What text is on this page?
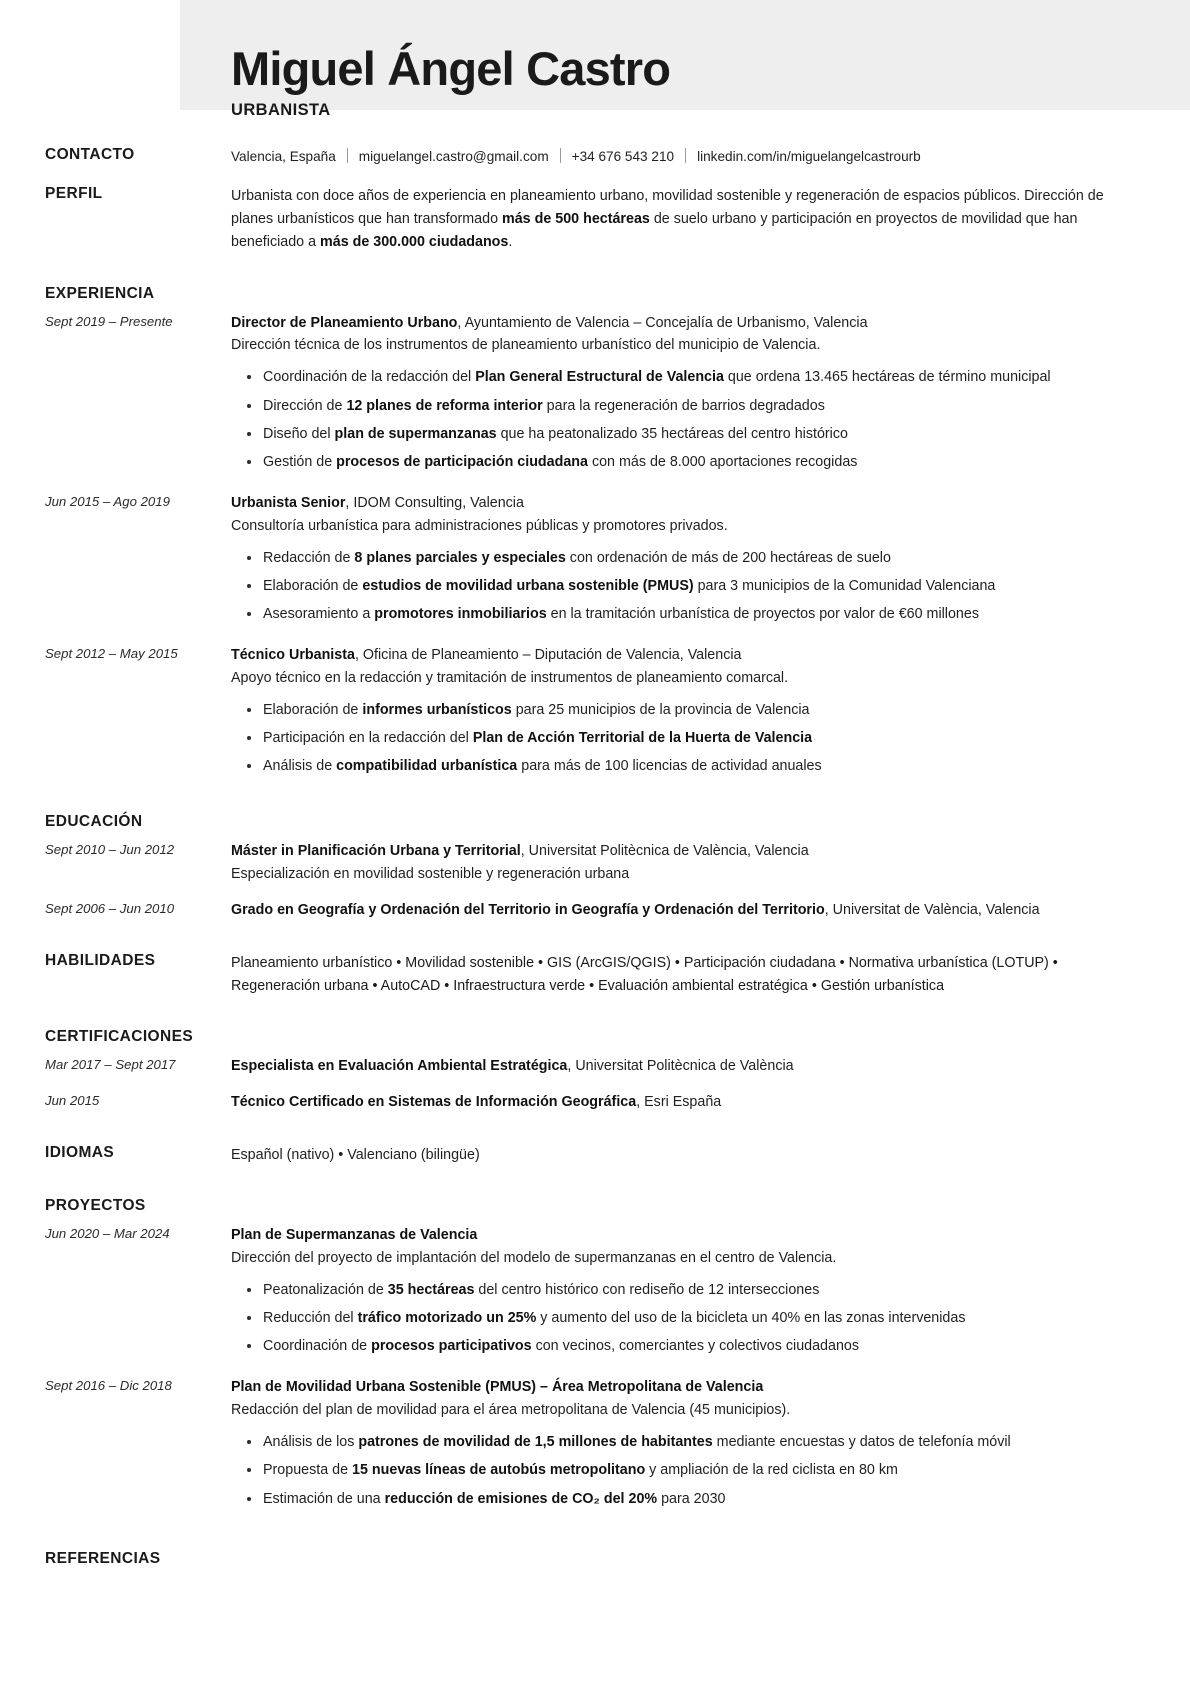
Miguel Ángel Castro
URBANISTA
CONTACTO	Valencia, España miguelangel.castro@gmail.com +34 676 543 210 linkedin.com/in/miguelangelcastrourb
PERFIL	Urbanista con doce años de experiencia en planeamiento urbano, movilidad sostenible y regeneración de espacios públicos. Dirección de planes urbanísticos que han transformado más de 500 hectáreas de suelo urbano y participación en proyectos de movilidad que han beneficiado a más de 300.000 ciudadanos.
EXPERIENCIA
Sept 2019 – Presente	Director de Planeamiento Urbano, Ayuntamiento de Valencia – Concejalía de Urbanismo, Valencia
Dirección técnica de los instrumentos de planeamiento urbanístico del municipio de Valencia.
Coordinación de la redacción del Plan General Estructural de Valencia que ordena 13.465 hectáreas de término municipal
Dirección de 12 planes de reforma interior para la regeneración de barrios degradados
Diseño del plan de supermanzanas que ha peatonalizado 35 hectáreas del centro histórico
Gestión de procesos de participación ciudadana con más de 8.000 aportaciones recogidas
Jun 2015 – Ago 2019	Urbanista Senior, IDOM Consulting, Valencia
Consultoría urbanística para administraciones públicas y promotores privados.
Redacción de 8 planes parciales y especiales con ordenación de más de 200 hectáreas de suelo
Elaboración de estudios de movilidad urbana sostenible (PMUS) para 3 municipios de la Comunidad Valenciana
Asesoramiento a promotores inmobiliarios en la tramitación urbanística de proyectos por valor de €60 millones
Sept 2012 – May 2015	Técnico Urbanista, Oficina de Planeamiento – Diputación de Valencia, Valencia
Apoyo técnico en la redacción y tramitación de instrumentos de planeamiento comarcal.
Elaboración de informes urbanísticos para 25 municipios de la provincia de Valencia
Participación en la redacción del Plan de Acción Territorial de la Huerta de Valencia
Análisis de compatibilidad urbanística para más de 100 licencias de actividad anuales
EDUCACIÓN
Sept 2010 – Jun 2012	Máster in Planificación Urbana y Territorial, Universitat Politècnica de València, Valencia
Especialización en movilidad sostenible y regeneración urbana
Sept 2006 – Jun 2010	Grado en Geografía y Ordenación del Territorio in Geografía y Ordenación del Territorio, Universitat de València, Valencia
HABILIDADES	Planeamiento urbanístico • Movilidad sostenible • GIS (ArcGIS/QGIS) • Participación ciudadana • Normativa urbanística (LOTUP) • Regeneración urbana • AutoCAD • Infraestructura verde • Evaluación ambiental estratégica • Gestión urbanística
CERTIFICACIONES
Mar 2017 – Sept 2017	Especialista en Evaluación Ambiental Estratégica, Universitat Politècnica de València
Jun 2015	Técnico Certificado en Sistemas de Información Geográfica, Esri España
IDIOMAS	Español (nativo) • Valenciano (bilingüe)
PROYECTOS
Jun 2020 – Mar 2024	Plan de Supermanzanas de Valencia
Dirección del proyecto de implantación del modelo de supermanzanas en el centro de Valencia.
Peatonalización de 35 hectáreas del centro histórico con rediseño de 12 intersecciones
Reducción del tráfico motorizado un 25% y aumento del uso de la bicicleta un 40% en las zonas intervenidas
Coordinación de procesos participativos con vecinos, comerciantes y colectivos ciudadanos
Sept 2016 – Dic 2018	Plan de Movilidad Urbana Sostenible (PMUS) – Área Metropolitana de Valencia
Redacción del plan de movilidad para el área metropolitana de Valencia (45 municipios).
Análisis de los patrones de movilidad de 1,5 millones de habitantes mediante encuestas y datos de telefonía móvil
Propuesta de 15 nuevas líneas de autobús metropolitano y ampliación de la red ciclista en 80 km
Estimación de una reducción de emisiones de CO₂ del 20% para 2030
REFERENCIAS
